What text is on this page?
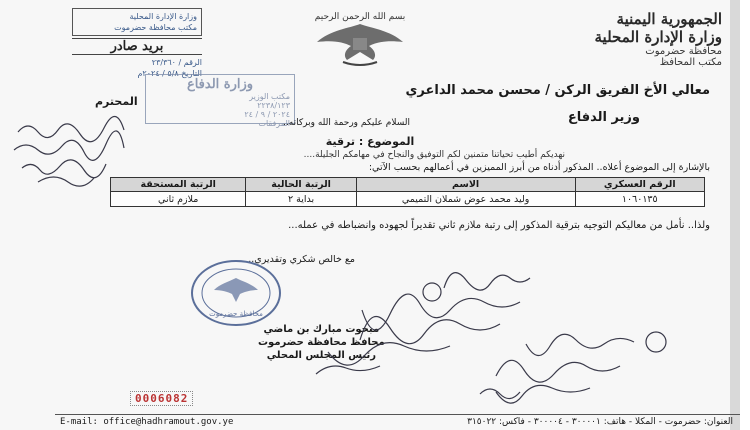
الجمهورية اليمنية
وزارة الإدارة المحلية
محافظة حضرموت
مكتب المحافظ
بسم الله الرحمن الرحيم
وزارة الإدارة المحلية
مكتب محافظة حضرموت
بريد صادر
الرقم / ٢٣/٣٦٠
التاريخ ٥/٨ / ٢٠٢٤م
معالي الأخ الفريق الركن / محسن محمد الداعري
وزير الدفاع
وزارة الدفاع
مكتب الوزير
٢٢٣٨/١٢٣
٢٠٢٤ / ٩ / ٢٤
المرفقات
المحترم
السلام عليكم ورحمة الله وبركاته..
الموضوع : ترقية
نهديكم أطيب تحياتنا متمنين لكم التوفيق والنجاح في مهامكم الجليلة....
بالإشارة إلى الموضوع أعلاه.. المذكور أدناه من أبرز المميزين في أعمالهم بحسب الآتي:
الرقم العسكري	الاسم	الرتبة الحالية	الرتبة المستحقة
١٠٦٠١٣٥	وليد محمد عوض شملان التميمي	بداية ٢	ملازم ثاني
ولذا.. نأمل من معاليكم التوجيه بترقية المذكور إلى رتبة ملازم ثاني تقديراً لجهوده وانضباطه في عمله...
مع خالص شكري وتقديري..
محافظة حضرموت
مبخوت مبارك بن ماضي
محافظ محافظة حضرموت
رئيس المجلس المحلي
0006082
E-mail: office@hadhramout.gov.ye	العنوان: حضرموت - المكلا - هاتف: ٣٠٠٠٠١ - ٣٠٠٠٠٤ - فاكس: ٣١٥٠٢٢
